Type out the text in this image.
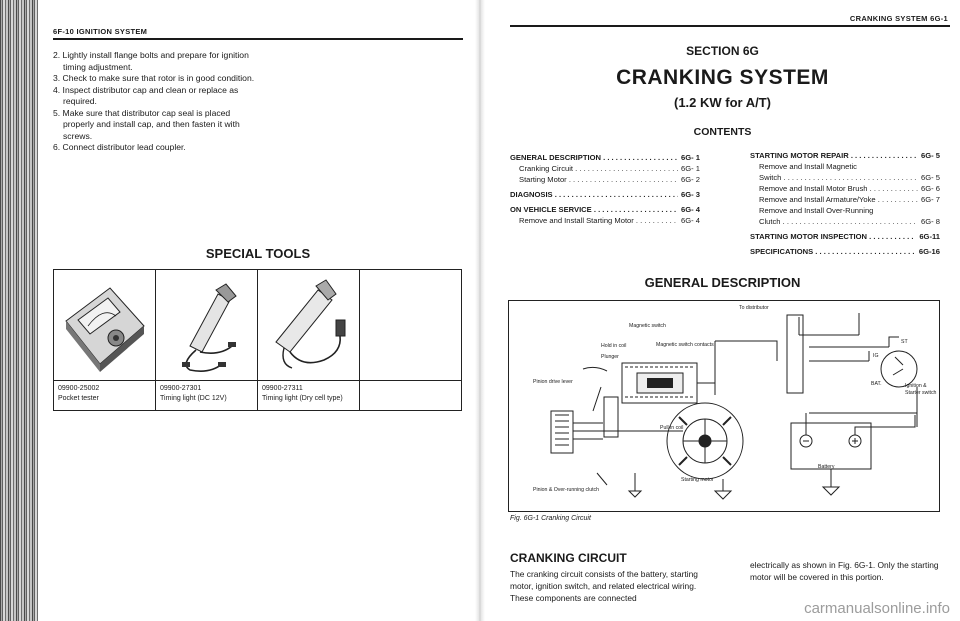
6F-10 IGNITION SYSTEM
2. Lightly install flange bolts and prepare for ignition timing adjustment.
3. Check to make sure that rotor is in good condition.
4. Inspect distributor cap and clean or replace as required.
5. Make sure that distributor cap seal is placed properly and install cap, and then fasten it with screws.
6. Connect distributor lead coupler.
SPECIAL TOOLS
09900-25002
Pocket tester
09900-27301
Timing light (DC 12V)
09900-27311
Timing light (Dry cell type)
CRANKING SYSTEM 6G-1
SECTION 6G
CRANKING SYSTEM
(1.2 KW for A/T)
CONTENTS
GENERAL DESCRIPTION . . .	6G- 1
Cranking Circuit . . .	6G- 1
Starting Motor . . .	6G- 2
DIAGNOSIS . . .	6G- 3
ON VEHICLE SERVICE . . .	6G- 4
Remove and Install Starting Motor . . .	6G- 4
STARTING MOTOR REPAIR . . .	6G- 5
Remove and Install Magnetic
Switch . . .	6G- 5
Remove and Install Motor Brush . . .	6G- 6
Remove and Install Armature/Yoke . . .	6G- 7
Remove and Install Over-Running
Clutch . . .	6G- 8
STARTING MOTOR INSPECTION . . .	6G-11
SPECIFICATIONS . . .	6G-16
GENERAL DESCRIPTION
To distributor
Magnetic switch
Hold in coil
Plunger
Magnetic switch contacts
Pinion drive lever
Pull in coil
Pinion & Over-running clutch
Starting motor
Battery
ST
IG
BAT.	Ignition & Starter switch
Fig. 6G-1 Cranking Circuit
CRANKING CIRCUIT
The cranking circuit consists of the battery, starting motor, ignition switch, and related electrical wiring. These components are connected
electrically as shown in Fig. 6G-1. Only the starting motor will be covered in this portion.
carmanualsonline.info
